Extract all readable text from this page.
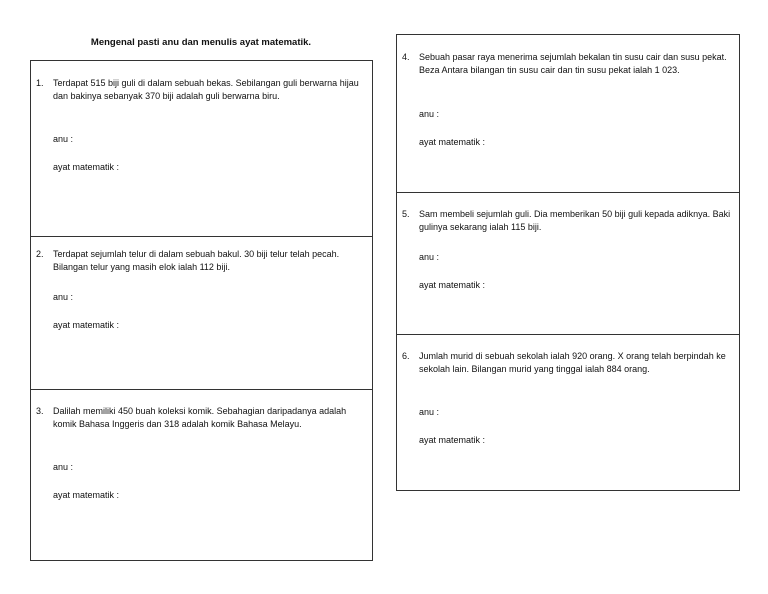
Mengenal pasti anu dan menulis ayat matematik.
1. Terdapat 515 biji guli di dalam sebuah bekas. Sebilangan guli berwarna hijau dan bakinya sebanyak 370 biji adalah guli berwarna biru.
anu :
ayat matematik :
2. Terdapat sejumlah telur di dalam sebuah bakul. 30 biji telur telah pecah. Bilangan telur yang masih elok ialah 112 biji.
anu :
ayat matematik :
3. Dalilah memiliki 450 buah koleksi komik. Sebahagian daripadanya adalah komik Bahasa Inggeris dan 318 adalah komik Bahasa Melayu.
anu :
ayat matematik :
4. Sebuah pasar raya menerima sejumlah bekalan tin susu cair dan susu pekat. Beza Antara bilangan tin susu cair dan tin susu pekat ialah 1 023.
anu :
ayat matematik :
5. Sam membeli sejumlah guli. Dia memberikan 50 biji guli kepada adiknya. Baki gulinya sekarang ialah 115 biji.
anu :
ayat matematik :
6. Jumlah murid di sebuah sekolah ialah 920 orang. X orang telah berpindah ke sekolah lain. Bilangan murid yang tinggal ialah 884 orang.
anu :
ayat matematik :
